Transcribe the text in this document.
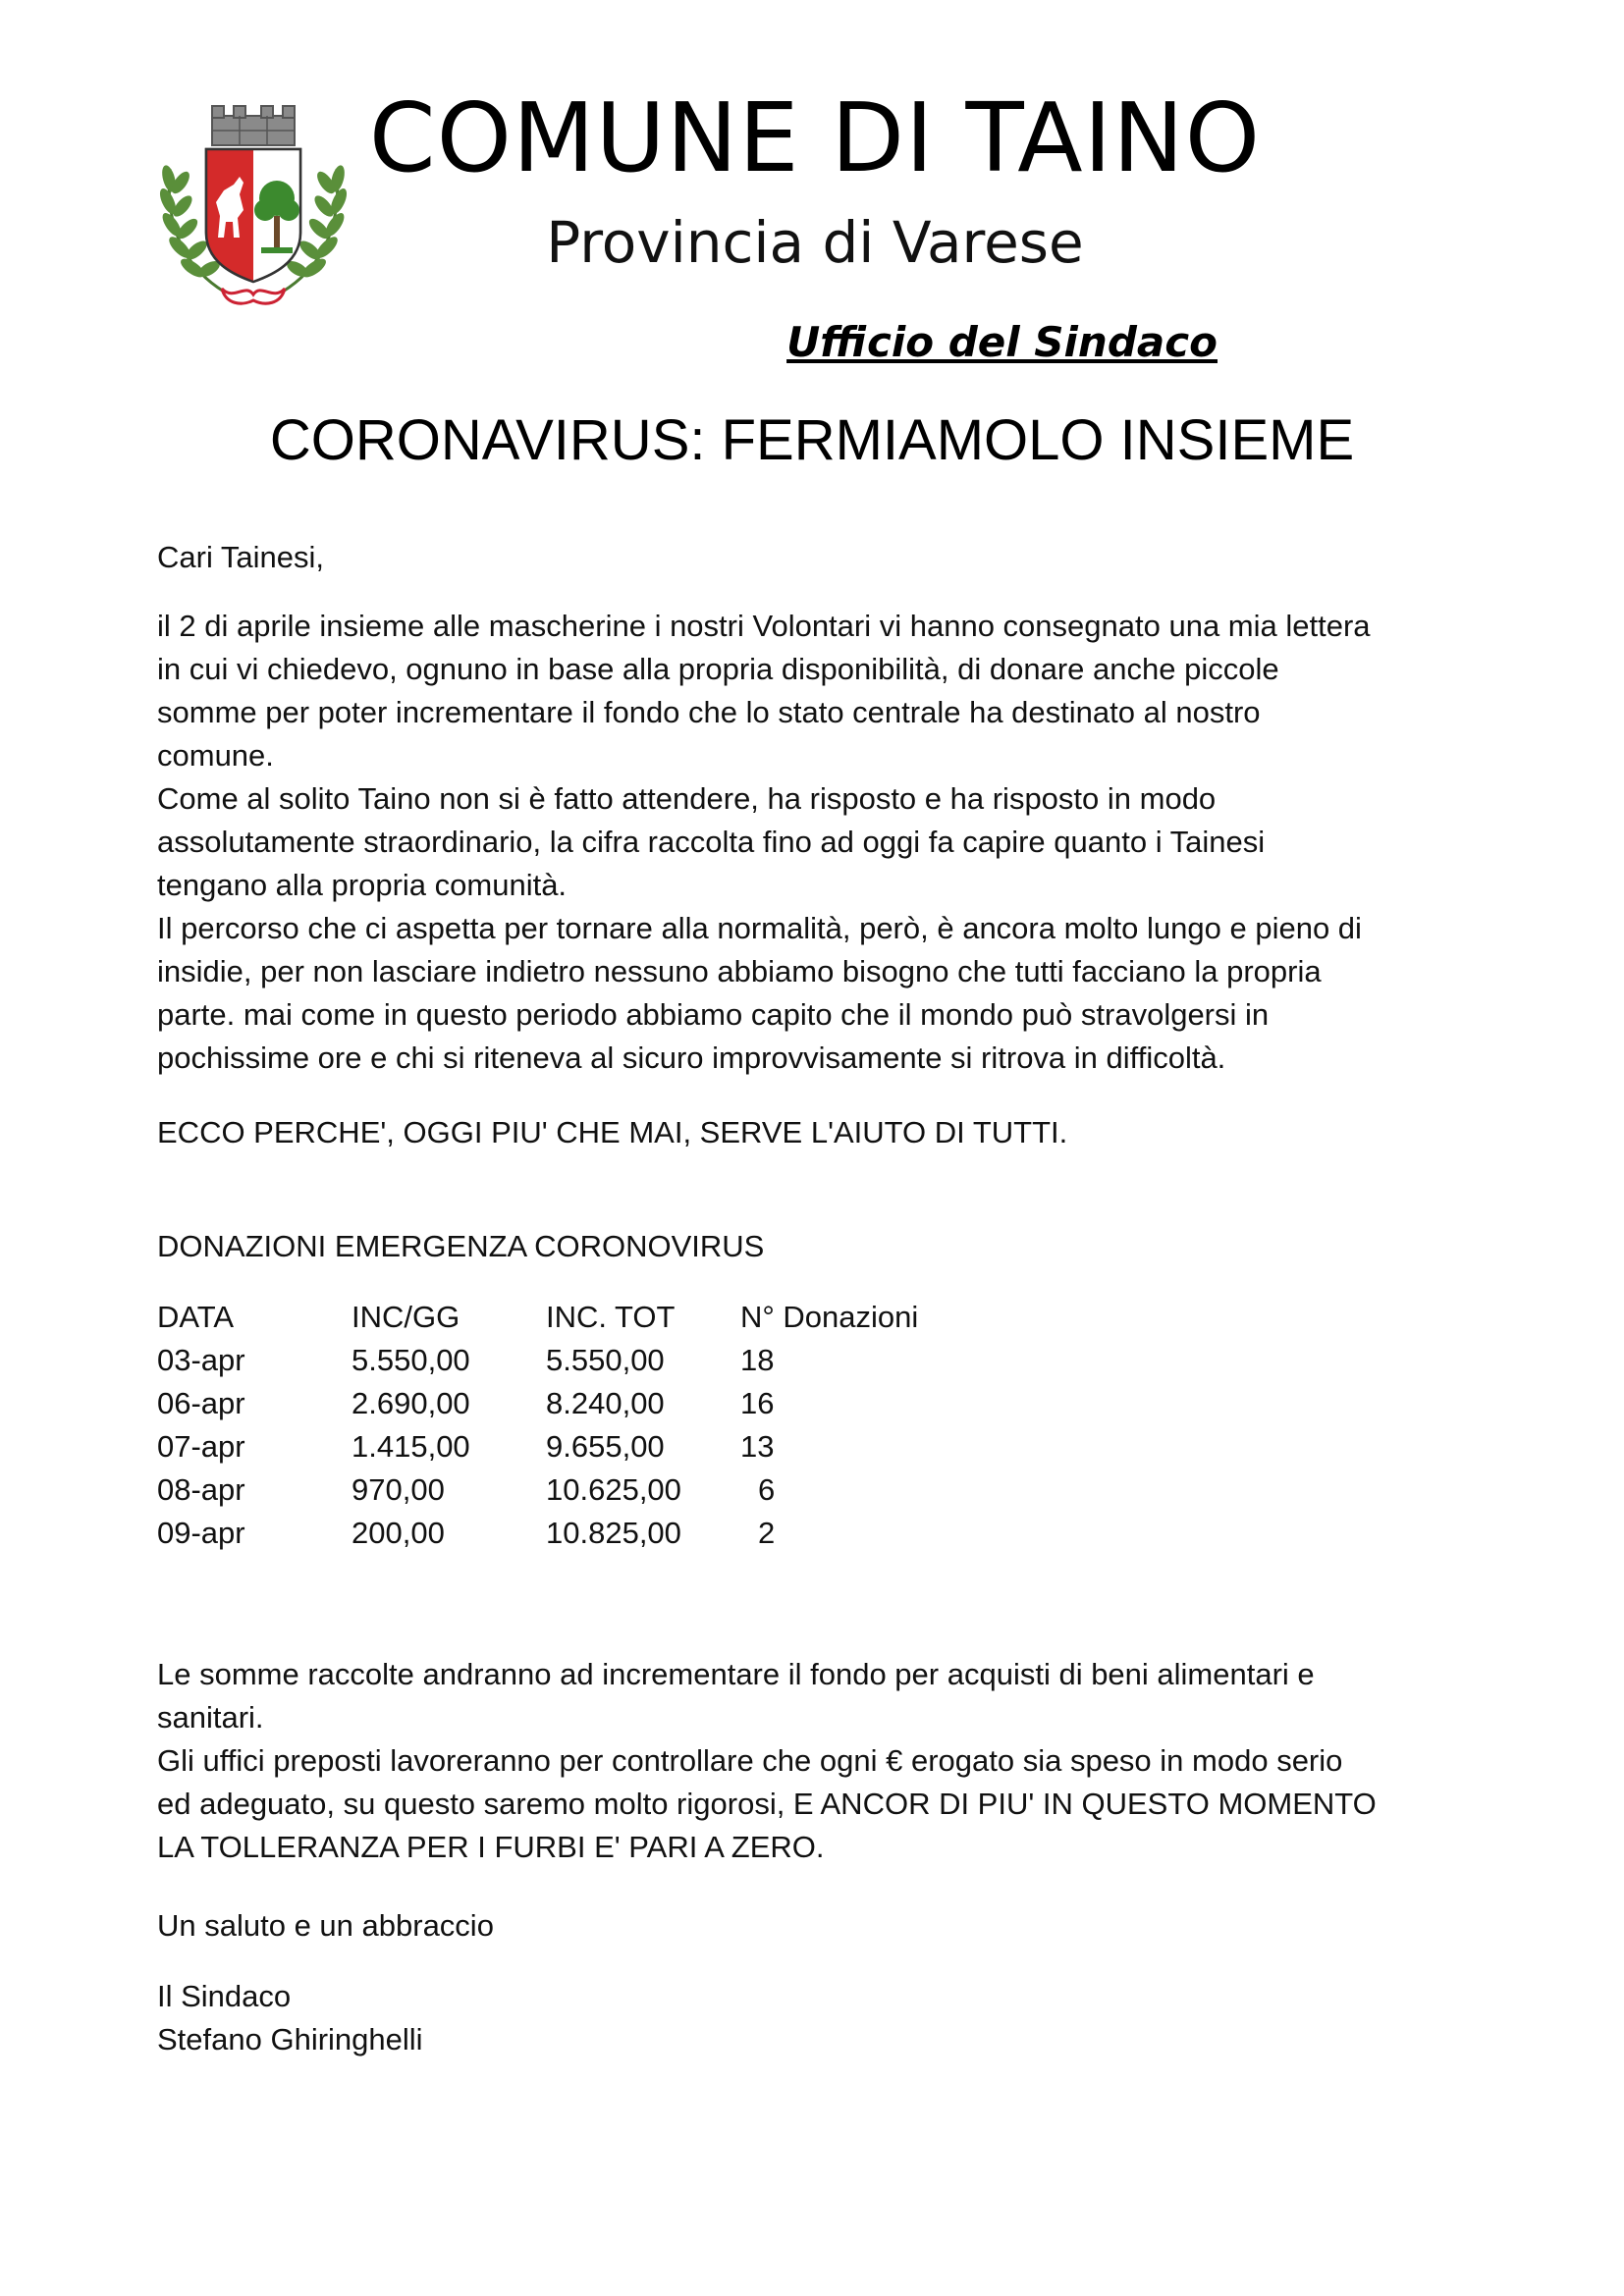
COMUNE DI TAINO
Provincia di Varese
Ufficio del Sindaco
CORONAVIRUS: FERMIAMOLO INSIEME
Cari Tainesi,

il 2 di aprile insieme alle mascherine i nostri Volontari vi hanno consegnato una mia lettera

in cui vi chiedevo, ognuno in base alla propria disponibilità, di donare anche piccole

somme per poter incrementare il fondo che lo stato centrale ha destinato al nostro

comune.

Come al solito Taino non si è fatto attendere, ha risposto e ha risposto in modo

assolutamente straordinario, la cifra raccolta fino ad oggi fa capire quanto i Tainesi

tengano alla propria comunità.

Il percorso che ci aspetta per tornare alla normalità, però, è ancora molto lungo e pieno di

insidie, per non lasciare indietro nessuno abbiamo bisogno che tutti facciano la propria

parte. mai come in questo periodo abbiamo capito che il mondo può stravolgersi in

pochissime ore e chi si riteneva al sicuro improvvisamente si ritrova in difficoltà.

ECCO PERCHE', OGGI PIU' CHE MAI, SERVE L'AIUTO DI TUTTI.
DONAZIONI EMERGENZA CORONOVIRUS
DATA	INC/GG	INC. TOT	N° Donazioni
03-apr	5.550,00	5.550,00	18
06-apr	2.690,00	8.240,00	16
07-apr	1.415,00	9.655,00	13
08-apr	970,00	10.625,00	6
09-apr	200,00	10.825,00	2

Le somme raccolte andranno ad incrementare il fondo per acquisti di beni alimentari e

sanitari.

Gli uffici preposti lavoreranno per controllare che ogni € erogato sia speso in modo serio

ed adeguato, su questo saremo molto rigorosi, E ANCOR DI PIU' IN QUESTO MOMENTO

LA TOLLERANZA PER I FURBI E' PARI A ZERO.

Un saluto e un abbraccio

Il Sindaco

Stefano Ghiringhelli
